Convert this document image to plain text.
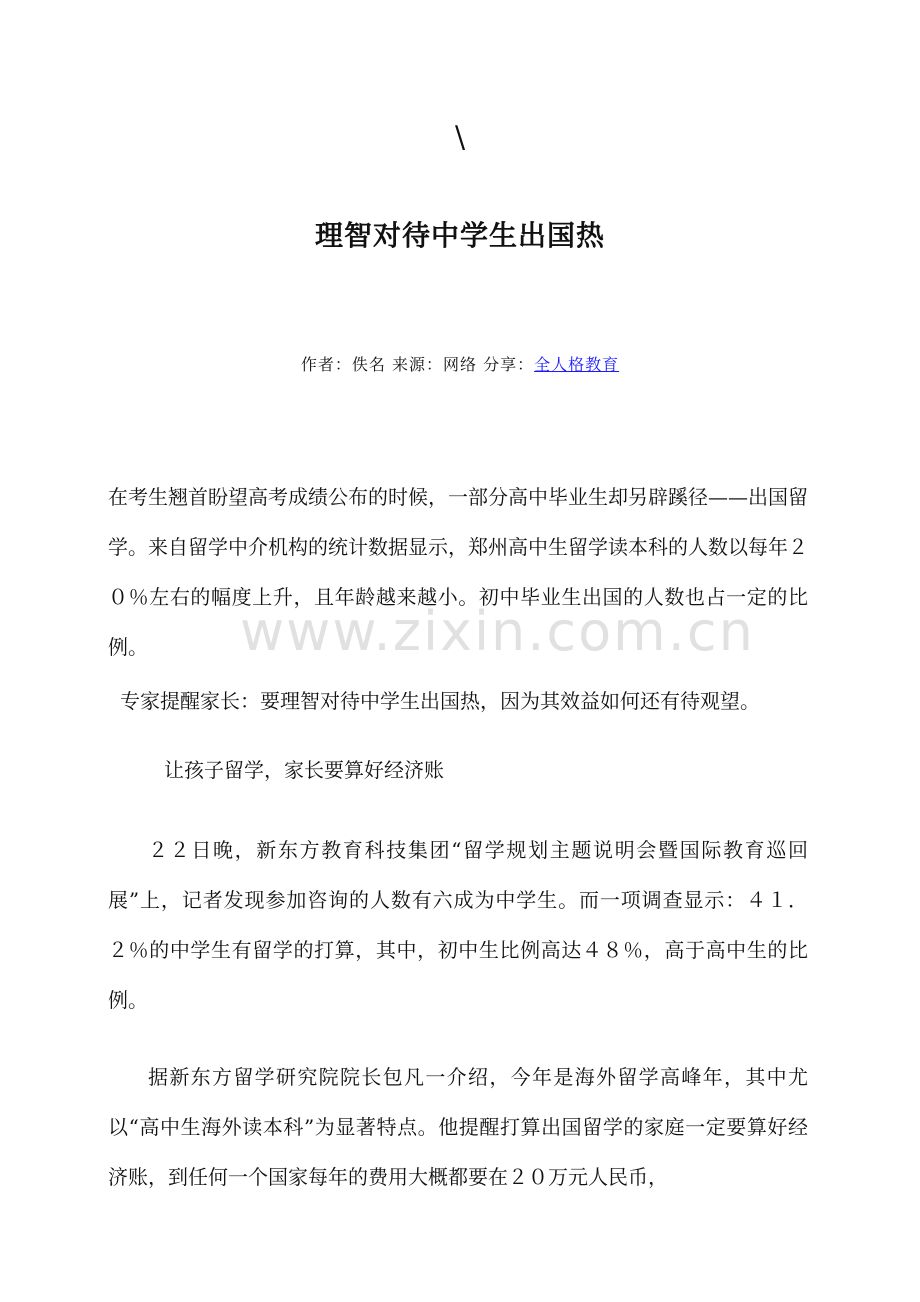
\
理智对待中学生出国热
作者：佚名 来源：网络 分享：全人格教育
www.zixin.com.cn

在考生翘首盼望高考成绩公布的时候，一部分高中毕业生却另辟蹊径——出国留学。来自留学中介机构的统计数据显示，郑州高中生留学读本科的人数以每年２０％左右的幅度上升，且年龄越来越小。初中毕业生出国的人数也占一定的比例。

专家提醒家长：要理智对待中学生出国热，因为其效益如何还有待观望。

让孩子留学，家长要算好经济账

２２日晚，新东方教育科技集团“留学规划主题说明会暨国际教育巡回展”上，记者发现参加咨询的人数有六成为中学生。而一项调查显示：４１．２％的中学生有留学的打算，其中，初中生比例高达４８％，高于高中生的比例。

据新东方留学研究院院长包凡一介绍，今年是海外留学高峰年，其中尤以“高中生海外读本科”为显著特点。他提醒打算出国留学的家庭一定要算好经济账，到任何一个国家每年的费用大概都要在２０万元人民币，
